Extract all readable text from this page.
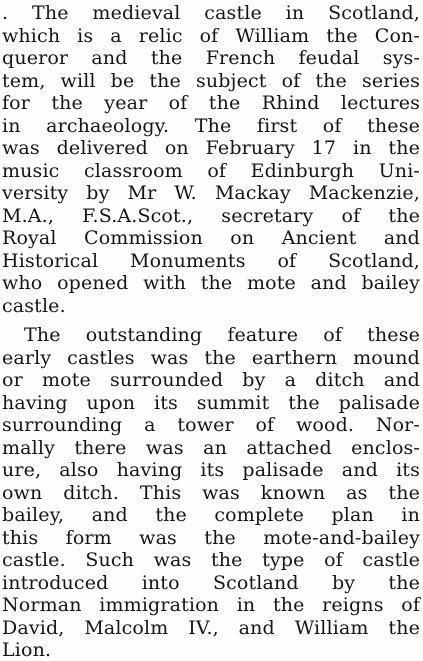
. The medieval castle in Scotland,
which is a relic of William the Con-
queror and the French feudal sys-
tem, will be the subject of the series
for the year of the Rhind lectures
in archaeology. The first of these
was delivered on February 17 in the
music classroom of Edinburgh Uni-
versity by Mr W. Mackay Mackenzie,
M.A., F.S.A.Scot., secretary of the
Royal Commission on Ancient and
Historical Monuments of Scotland,
who opened with the mote and bailey
castle.
The outstanding feature of these
early castles was the earthern mound
or mote surrounded by a ditch and
having upon its summit the palisade
surrounding a tower of wood. Nor-
mally there was an attached enclos-
ure, also having its palisade and its
own ditch. This was known as the
bailey, and the complete plan in
this form was the mote-and-bailey
castle. Such was the type of castle
introduced into Scotland by the
Norman immigration in the reigns of
David, Malcolm IV., and William the
Lion.
